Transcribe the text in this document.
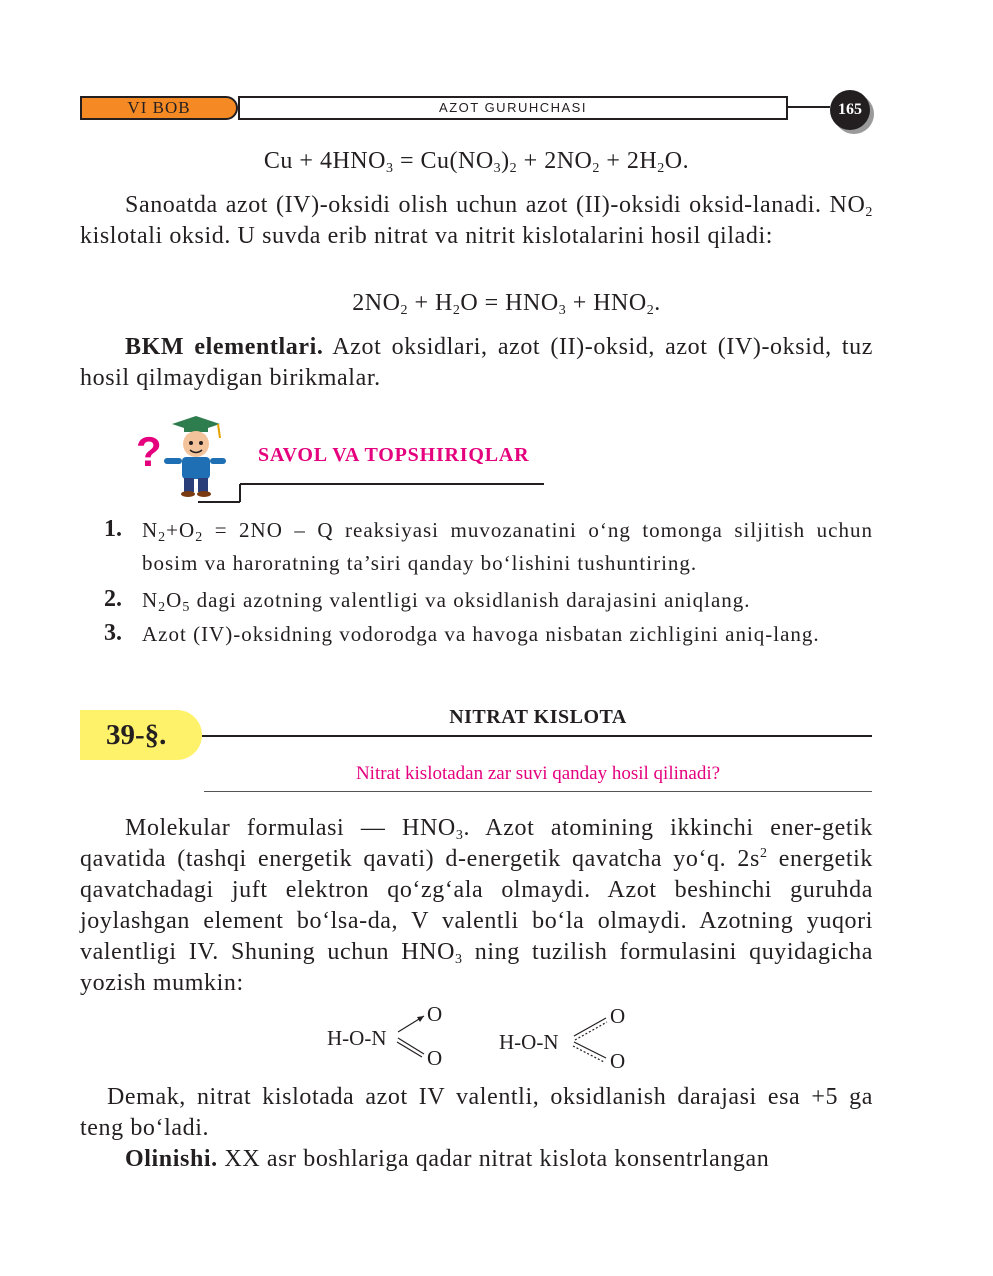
VI BOB	AZOT GURUHCHASI	165

$Cu + 4HNO_3 = Cu(NO_3)_2 + 2NO_2 + 2H_2O$.

Sanoatda azot (IV)-oksidi olish uchun azot (II)-oksidi oksid-lanadi. $NO_2$ kislotali oksid. U suvda erib nitrat va nitrit kislotalarini hosil qiladi:

$2NO_2 + H_2O = HNO_3 + HNO_2$.

BKM elementlari. Azot oksidlari, azot (II)-oksid, azot (IV)-oksid, tuz hosil qilmaydigan birikmalar.

?	SAVOL VA TOPSHIRIQLAR
1. $N_2+O_2 = 2NO - Q$ reaksiyasi muvozanatini o‘ng tomonga siljitish uchun bosim va haroratning ta’siri qanday bo‘lishini tushuntiring.

2. $N_2O_5$ dagi azotning valentligi va oksidlanish darajasini aniqlang.

3. Azot (IV)-oksidning vodorodga va havoga nisbatan zichligini aniq-lang.

39-§.
NITRAT KISLOTA
Nitrat kislotadan zar suvi qanday hosil qilinadi?

Molekular formulasi — $HNO_3$. Azot atomining ikkinchi ener-getik qavatida (tashqi energetik qavati) d-energetik qavatcha yo‘q. $2s^2$ energetik qavatchadagi juft elektron qo‘zg‘ala olmaydi. Azot beshinchi guruhda joylashgan element bo‘lsa-da, V valentli bo‘la olmaydi. Azotning yuqori valentligi IV. Shuning uchun $HNO_3$ ning tuzilish formulasini quyidagicha yozish mumkin:

H-O-N
O
O
H-O-N
O
O

Demak, nitrat kislotada azot IV valentli, oksidlanish darajasi esa +5 ga teng bo‘ladi.

Olinishi. XX asr boshlariga qadar nitrat kislota konsentrlangan
